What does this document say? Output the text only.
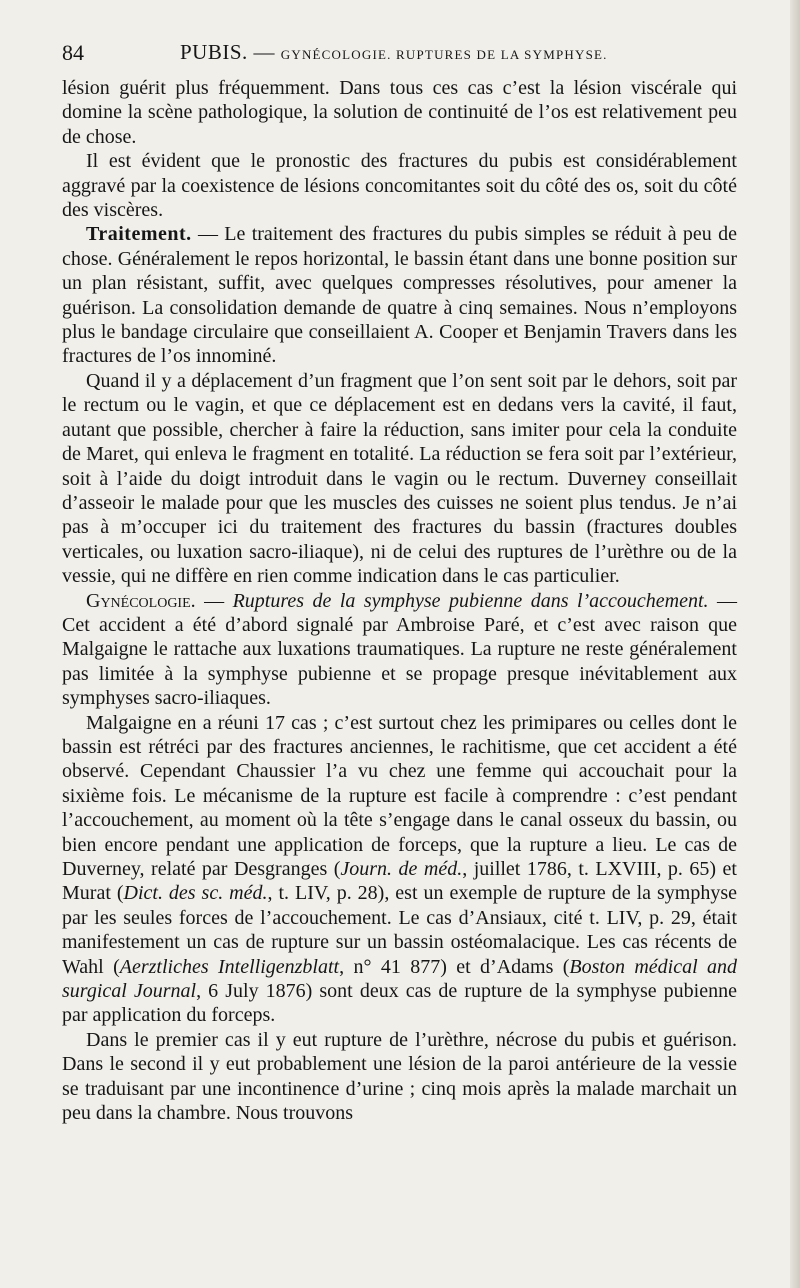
84	PUBIS. — GYNÉCOLOGIE. RUPTURES DE LA SYMPHYSE.

lésion guérit plus fréquemment. Dans tous ces cas c’est la lésion viscérale qui domine la scène pathologique, la solution de continuité de l’os est relativement peu de chose.

Il est évident que le pronostic des fractures du pubis est considérablement aggravé par la coexistence de lésions concomitantes soit du côté des os, soit du côté des viscères.

Traitement. — Le traitement des fractures du pubis simples se réduit à peu de chose. Généralement le repos horizontal, le bassin étant dans une bonne position sur un plan résistant, suffit, avec quelques compresses résolutives, pour amener la guérison. La consolidation demande de quatre à cinq semaines. Nous n’employons plus le bandage circulaire que conseillaient A. Cooper et Benjamin Travers dans les fractures de l’os innominé.

Quand il y a déplacement d’un fragment que l’on sent soit par le dehors, soit par le rectum ou le vagin, et que ce déplacement est en dedans vers la cavité, il faut, autant que possible, chercher à faire la réduction, sans imiter pour cela la conduite de Maret, qui enleva le fragment en totalité. La réduction se fera soit par l’extérieur, soit à l’aide du doigt introduit dans le vagin ou le rectum. Duverney conseillait d’asseoir le malade pour que les muscles des cuisses ne soient plus tendus. Je n’ai pas à m’occuper ici du traitement des fractures du bassin (fractures doubles verticales, ou luxation sacro-iliaque), ni de celui des ruptures de l’urèthre ou de la vessie, qui ne diffère en rien comme indication dans le cas particulier.

Gynécologie. — Ruptures de la symphyse pubienne dans l’accouchement. — Cet accident a été d’abord signalé par Ambroise Paré, et c’est avec raison que Malgaigne le rattache aux luxations traumatiques. La rupture ne reste généralement pas limitée à la symphyse pubienne et se propage presque inévitablement aux symphyses sacro-iliaques.

Malgaigne en a réuni 17 cas ; c’est surtout chez les primipares ou celles dont le bassin est rétréci par des fractures anciennes, le rachitisme, que cet accident a été observé. Cependant Chaussier l’a vu chez une femme qui accouchait pour la sixième fois. Le mécanisme de la rupture est facile à comprendre : c’est pendant l’accouchement, au moment où la tête s’engage dans le canal osseux du bassin, ou bien encore pendant une application de forceps, que la rupture a lieu. Le cas de Duverney, relaté par Desgranges (Journ. de méd., juillet 1786, t. LXVIII, p. 65) et Murat (Dict. des sc. méd., t. LIV, p. 28), est un exemple de rupture de la symphyse par les seules forces de l’accouchement. Le cas d’Ansiaux, cité t. LIV, p. 29, était manifestement un cas de rupture sur un bassin ostéomalacique. Les cas récents de Wahl (Aerztliches Intelligenzblatt, n° 41 877) et d’Adams (Boston médical and surgical Journal, 6 July 1876) sont deux cas de rupture de la symphyse pubienne par application du forceps.

Dans le premier cas il y eut rupture de l’urèthre, nécrose du pubis et guérison. Dans le second il y eut probablement une lésion de la paroi antérieure de la vessie se traduisant par une incontinence d’urine ; cinq mois après la malade marchait un peu dans la chambre. Nous trouvons
